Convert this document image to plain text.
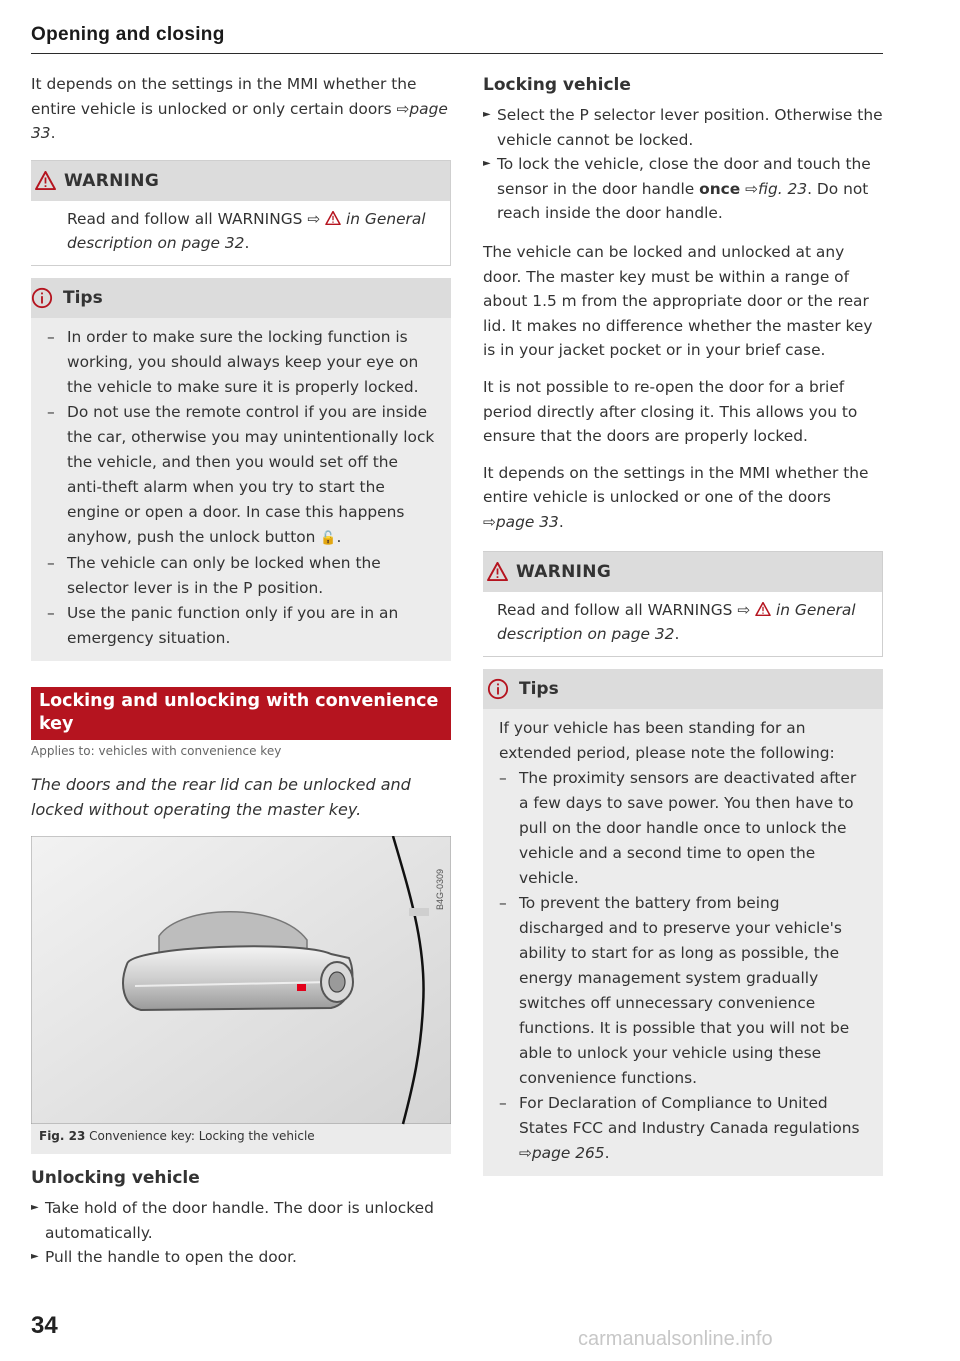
Opening and closing

It depends on the settings in the MMI whether the entire vehicle is unlocked or only certain doors ⇨page 33.

WARNING
Read and follow all WARNINGS ⇨  in General description on page 32.
Tips
– In order to make sure the locking function is working, you should always keep your eye on the vehicle to make sure it is properly locked.
– Do not use the remote control if you are inside the car, otherwise you may unintentionally lock the vehicle, and then you would set off the anti-theft alarm when you try to start the engine or open a door. In case this happens anyhow, push the unlock button 🔓.
– The vehicle can only be locked when the selector lever is in the P position.
– Use the panic function only if you are in an emergency situation.
Locking and unlocking with convenience key
Applies to: vehicles with convenience key
The doors and the rear lid can be unlocked and locked without operating the master key.
B4G-0309
Fig. 23 Convenience key: Locking the vehicle
Unlocking vehicle
► Take hold of the door handle. The door is unlocked automatically.
► Pull the handle to open the door.
Locking vehicle
► Select the P selector lever position. Otherwise the vehicle cannot be locked.
► To lock the vehicle, close the door and touch the sensor in the door handle once ⇨fig. 23. Do not reach inside the door handle.

The vehicle can be locked and unlocked at any door. The master key must be within a range of about 1.5 m from the appropriate door or the rear lid. It makes no difference whether the master key is in your jacket pocket or in your brief case.

It is not possible to re-open the door for a brief period directly after closing it. This allows you to ensure that the doors are properly locked.

It depends on the settings in the MMI whether the entire vehicle is unlocked or one of the doors ⇨page 33.

WARNING
Read and follow all WARNINGS ⇨  in General description on page 32.
Tips
If your vehicle has been standing for an extended period, please note the following:
– The proximity sensors are deactivated after a few days to save power. You then have to pull on the door handle once to unlock the vehicle and a second time to open the vehicle.
– To prevent the battery from being discharged and to preserve your vehicle's ability to start for as long as possible, the energy management system gradually switches off unnecessary convenience functions. It is possible that you will not be able to unlock your vehicle using these convenience functions.
– For Declaration of Compliance to United States FCC and Industry Canada regulations ⇨page 265.
34	carmanualsonline.info
